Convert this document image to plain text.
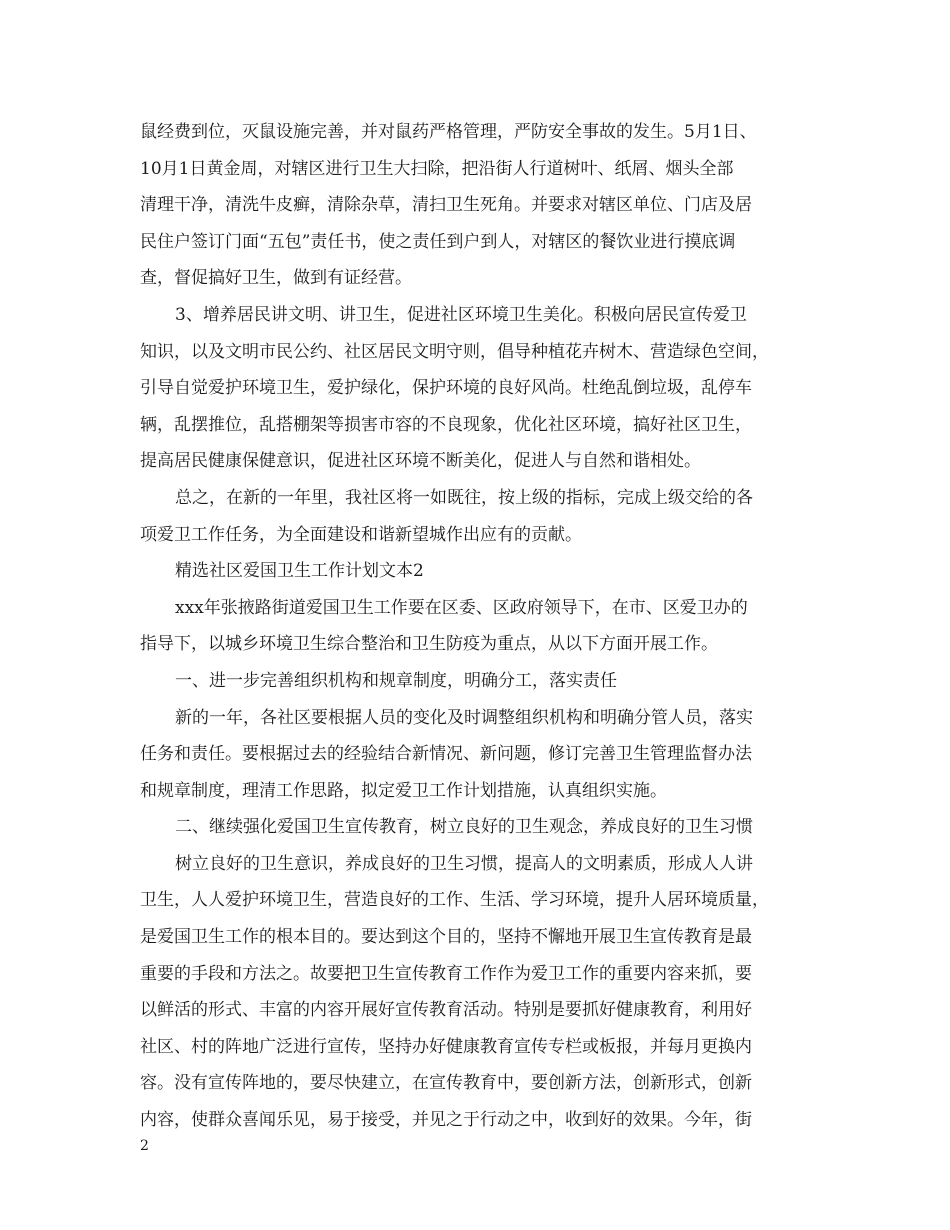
鼠经费到位，灭鼠设施完善，并对鼠药严格管理，严防安全事故的发生。5月1日、
10月1日黄金周，对辖区进行卫生大扫除，把沿街人行道树叶、纸屑、烟头全部
清理干净，清洗牛皮癣，清除杂草，清扫卫生死角。并要求对辖区单位、门店及居
民住户签订门面“五包”责任书，使之责任到户到人，对辖区的餐饮业进行摸底调
查，督促搞好卫生，做到有证经营。
3、增养居民讲文明、讲卫生，促进社区环境卫生美化。积极向居民宣传爱卫
知识，以及文明市民公约、社区居民文明守则，倡导种植花卉树木、营造绿色空间，
引导自觉爱护环境卫生，爱护绿化，保护环境的良好风尚。杜绝乱倒垃圾，乱停车
辆，乱摆推位，乱搭棚架等损害市容的不良现象，优化社区环境，搞好社区卫生，
提高居民健康保健意识，促进社区环境不断美化，促进人与自然和谐相处。
总之，在新的一年里，我社区将一如既往，按上级的指标，完成上级交给的各
项爱卫工作任务，为全面建设和谐新望城作出应有的贡献。
精选社区爱国卫生工作计划文本2
xxx年张掖路街道爱国卫生工作要在区委、区政府领导下，在市、区爱卫办的
指导下，以城乡环境卫生综合整治和卫生防疫为重点，从以下方面开展工作。
一、进一步完善组织机构和规章制度，明确分工，落实责任
新的一年，各社区要根据人员的变化及时调整组织机构和明确分管人员，落实
任务和责任。要根据过去的经验结合新情况、新问题，修订完善卫生管理监督办法
和规章制度，理清工作思路，拟定爱卫工作计划措施，认真组织实施。
二、继续强化爱国卫生宣传教育，树立良好的卫生观念，养成良好的卫生习惯
树立良好的卫生意识，养成良好的卫生习惯，提高人的文明素质，形成人人讲
卫生，人人爱护环境卫生，营造良好的工作、生活、学习环境，提升人居环境质量，
是爱国卫生工作的根本目的。要达到这个目的，坚持不懈地开展卫生宣传教育是最
重要的手段和方法之。故要把卫生宣传教育工作作为爱卫工作的重要内容来抓，要
以鲜活的形式、丰富的内容开展好宣传教育活动。特别是要抓好健康教育，利用好
社区、村的阵地广泛进行宣传，坚持办好健康教育宣传专栏或板报，并每月更换内
容。没有宣传阵地的，要尽快建立，在宣传教育中，要创新方法，创新形式，创新
内容，使群众喜闻乐见，易于接受，并见之于行动之中，收到好的效果。今年，街
2
